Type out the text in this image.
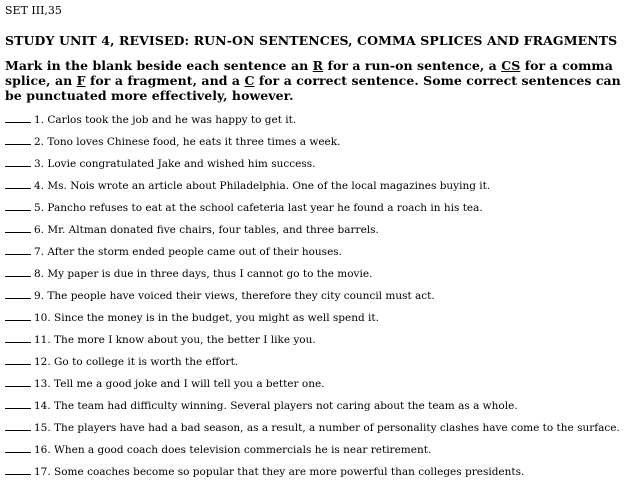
SET III,35

STUDY UNIT 4, REVISED: RUN-ON SENTENCES, COMMA SPLICES AND FRAGMENTS

Mark in the blank beside each sentence an R for a run-on sentence, a CS for a comma splice, an F for a fragment, and a C for a correct sentence. Some correct sentences can be punctuated more effectively, however.

1. Carlos took the job and he was happy to get it.
2. Tono loves Chinese food, he eats it three times a week.
3. Lovie congratulated Jake and wished him success.
4. Ms. Nois wrote an article about Philadelphia. One of the local magazines buying it.
5. Pancho refuses to eat at the school cafeteria last year he found a roach in his tea.
6. Mr. Altman donated five chairs, four tables, and three barrels.
7. After the storm ended people came out of their houses.
8. My paper is due in three days, thus I cannot go to the movie.
9. The people have voiced their views, therefore they city council must act.
10. Since the money is in the budget, you might as well spend it.
11. The more I know about you, the better I like you.
12. Go to college it is worth the effort.
13. Tell me a good joke and I will tell you a better one.
14. The team had difficulty winning. Several players not caring about the team as a whole.
15. The players have had a bad season, as a result, a number of personality clashes have come to the surface.
16. When a good coach does television commercials he is near retirement.
17. Some coaches become so popular that they are more powerful than colleges presidents.
